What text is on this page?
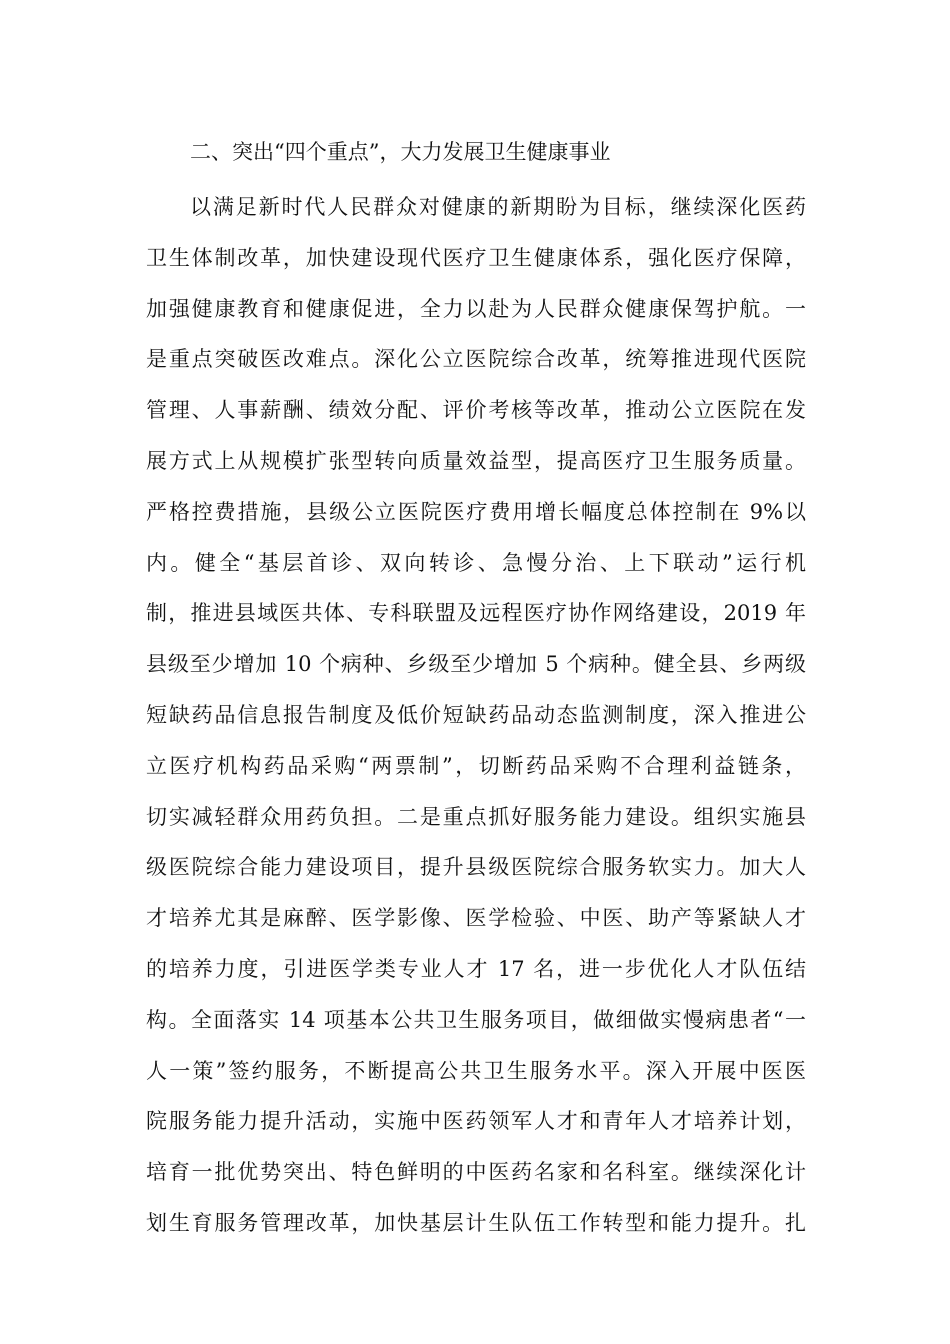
二、突出“四个重点”，大力发展卫生健康事业
以满足新时代人民群众对健康的新期盼为目标，继续深化医药
卫生体制改革，加快建设现代医疗卫生健康体系，强化医疗保障，
加强健康教育和健康促进，全力以赴为人民群众健康保驾护航。一
是重点突破医改难点。深化公立医院综合改革，统筹推进现代医院
管理、人事薪酬、绩效分配、评价考核等改革，推动公立医院在发
展方式上从规模扩张型转向质量效益型，提高医疗卫生服务质量。
严格控费措施，县级公立医院医疗费用增长幅度总体控制在 9%以
内。健全“基层首诊、双向转诊、急慢分治、上下联动”运行机
制，推进县域医共体、专科联盟及远程医疗协作网络建设，2019 年
县级至少增加 10 个病种、乡级至少增加 5 个病种。健全县、乡两级
短缺药品信息报告制度及低价短缺药品动态监测制度，深入推进公
立医疗机构药品采购“两票制”，切断药品采购不合理利益链条，
切实减轻群众用药负担。二是重点抓好服务能力建设。组织实施县
级医院综合能力建设项目，提升县级医院综合服务软实力。加大人
才培养尤其是麻醉、医学影像、医学检验、中医、助产等紧缺人才
的培养力度，引进医学类专业人才 17 名，进一步优化人才队伍结
构。全面落实 14 项基本公共卫生服务项目，做细做实慢病患者“一
人一策”签约服务，不断提高公共卫生服务水平。深入开展中医医
院服务能力提升活动，实施中医药领军人才和青年人才培养计划，
培育一批优势突出、特色鲜明的中医药名家和名科室。继续深化计
划生育服务管理改革，加快基层计生队伍工作转型和能力提升。扎
